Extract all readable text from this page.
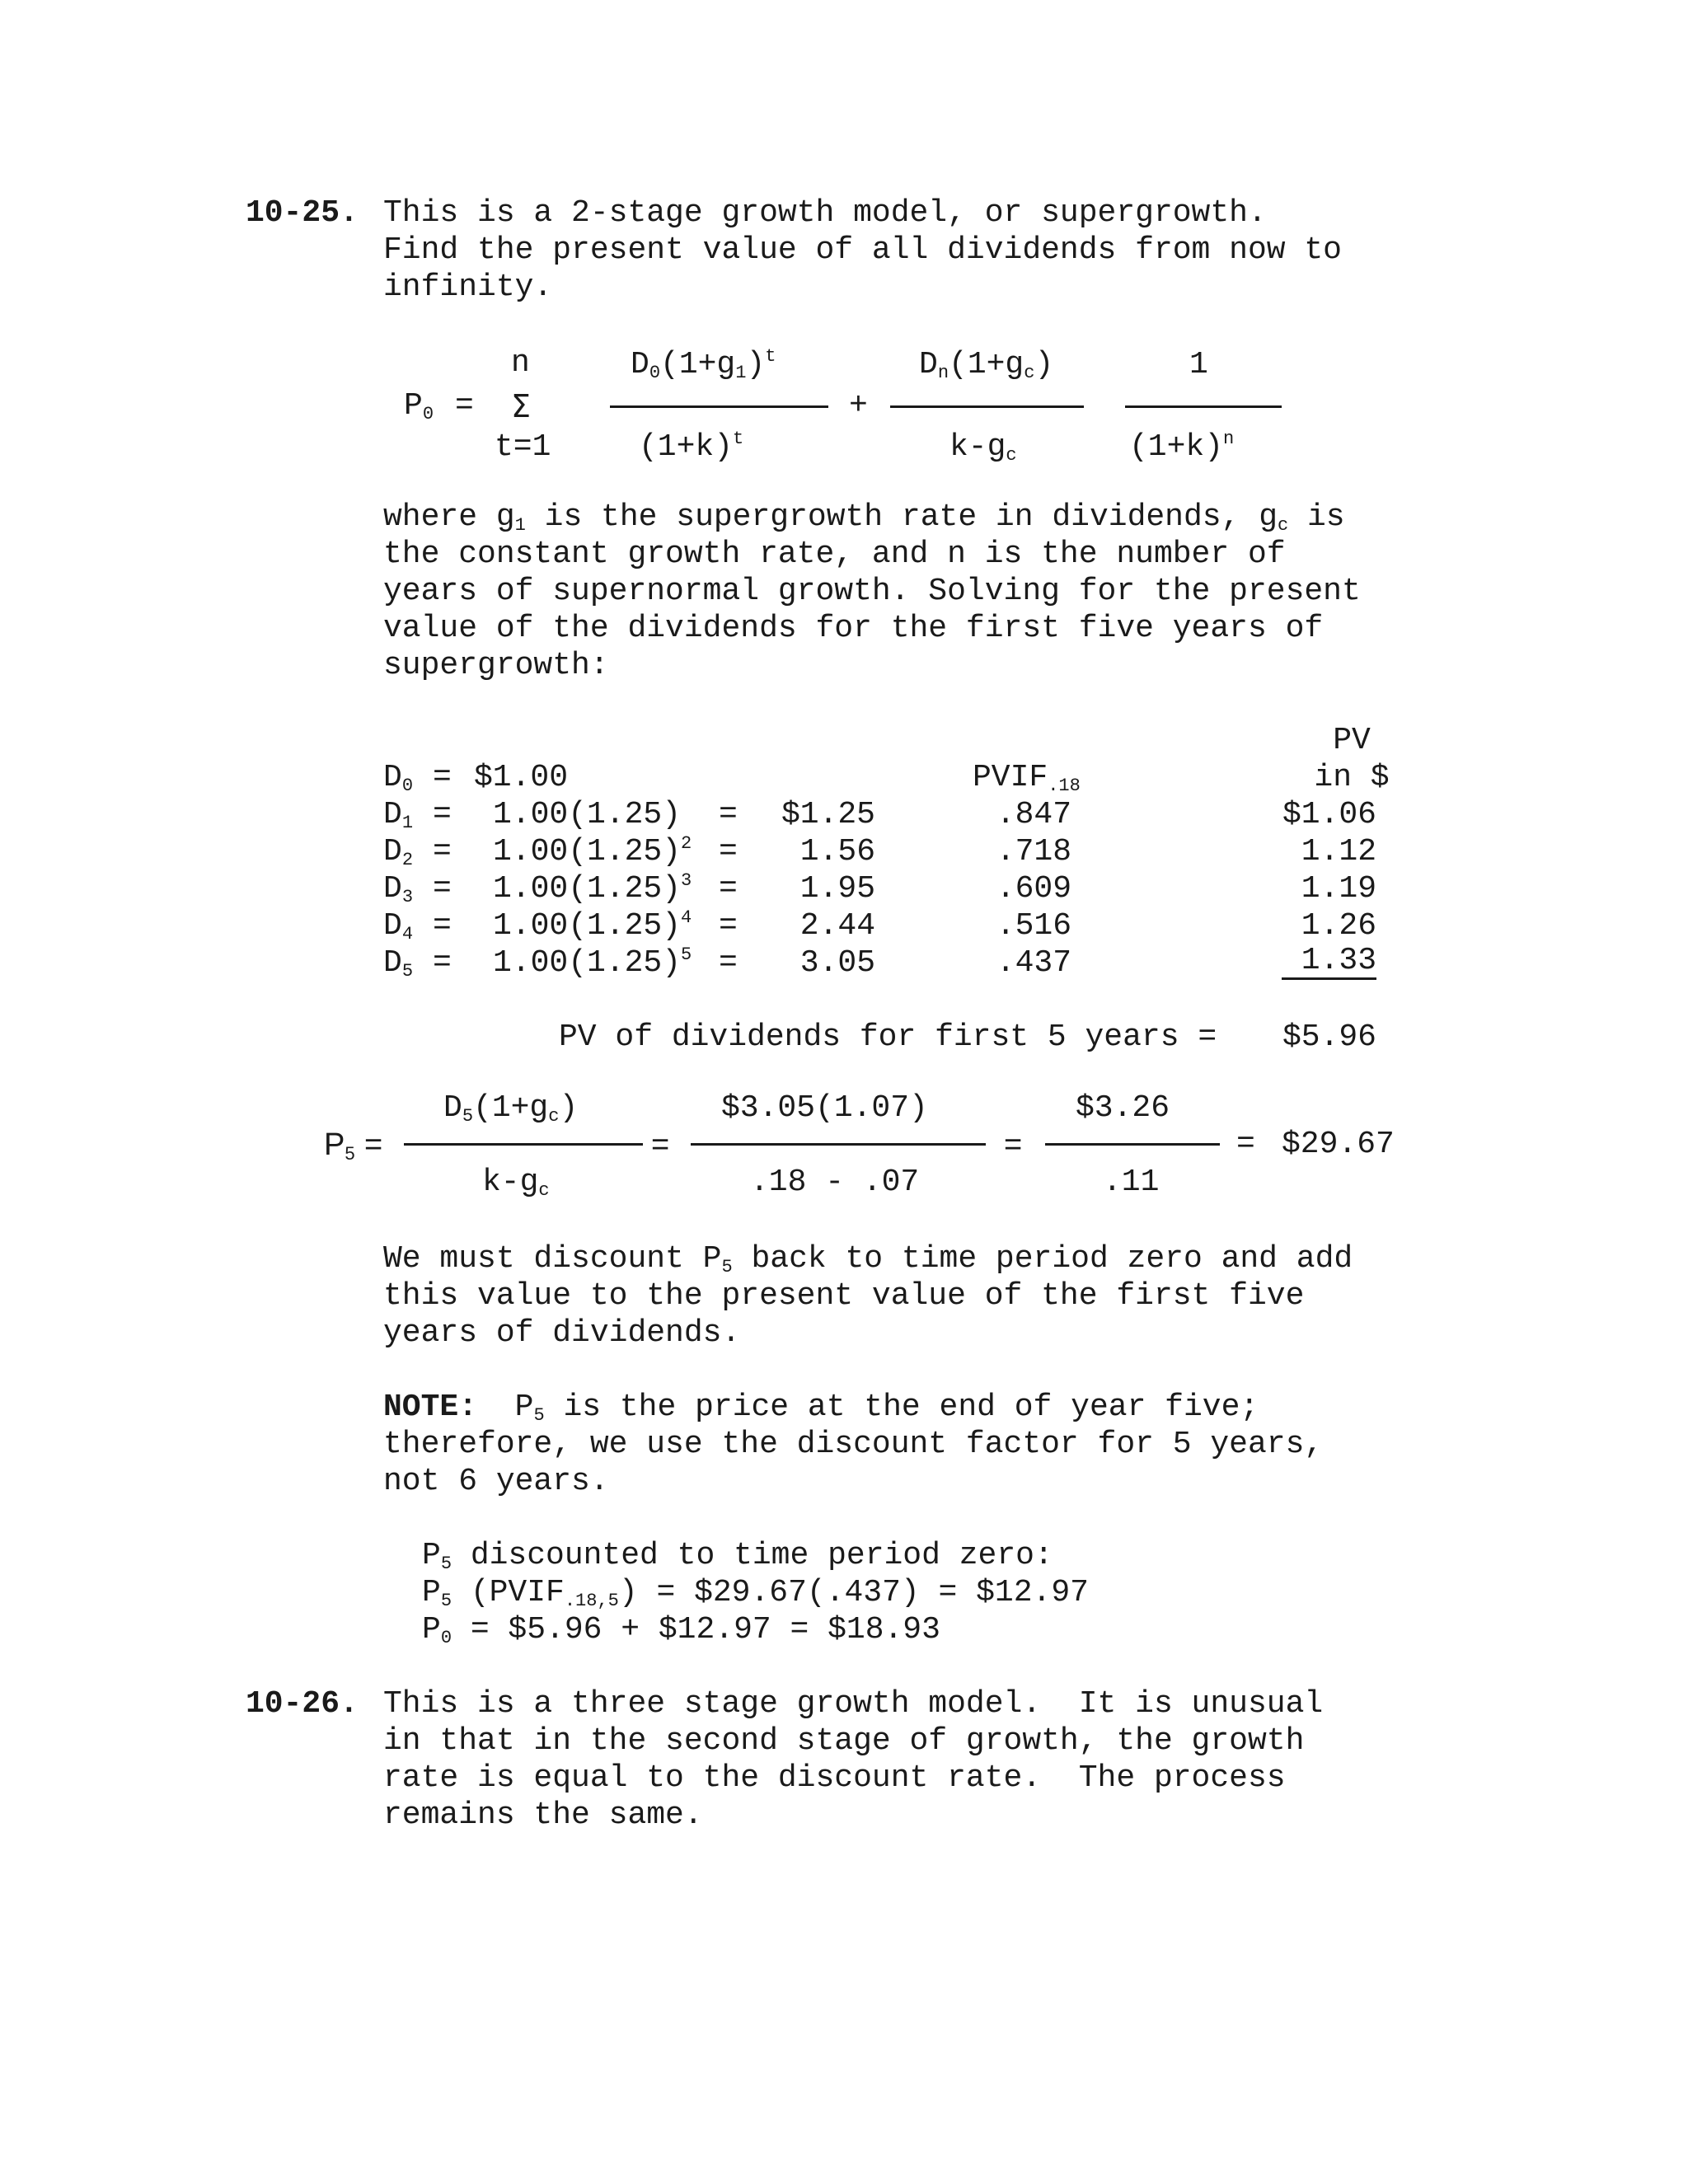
10-25. This is a 2-stage growth model, or supergrowth.
Find the present value of all dividends from now to
infinity.
n
$P_0 = \Sigma$
t=1
$D_0(1+g_1)^t$
$(1+k)^t$
+
$D_n(1+g_c)$
$k-g_c$
1
$(1+k)^n$
where $g_1$ is the supergrowth rate in dividends, $g_c$ is
the constant growth rate, and n is the number of
years of supernormal growth. Solving for the present
value of the dividends for the first five years of
supergrowth:
PV
in $
$PVIF_{.18}$
$D_0$ = $1.00
$D_1 = 1.00(1.25)$ =	$1.25	.847	$1.06
$D_2 = 1.00(1.25)^2$ =	1.56	.718	1.12
$D_3 = 1.00(1.25)^3$ =	1.95	.609	1.19
$D_4 = 1.00(1.25)^4$ =	2.44	.516	1.26
$D_5 = 1.00(1.25)^5$ =	3.05	.437	1.33
PV of dividends for first 5 years =	$5.96
$D_5(1+g_c)$
$P_5$ =
$k-g_c$
=
$3.05(1.07)
.18 - .07
=
$3.26
.11
= $29.67
We must discount $P_5$ back to time period zero and add
this value to the present value of the first five
years of dividends.
NOTE:  $P_5$ is the price at the end of year five;
therefore, we use the discount factor for 5 years,
not 6 years.
$P_5$ discounted to time period zero:
$P_5$ $(PVIF_{.18,5})$ = $29.67(.437) = $12.97
$P_0$ = $5.96 + $12.97 = $18.93
10-26. This is a three stage growth model.  It is unusual
in that in the second stage of growth, the growth
rate is equal to the discount rate.  The process
remains the same.
